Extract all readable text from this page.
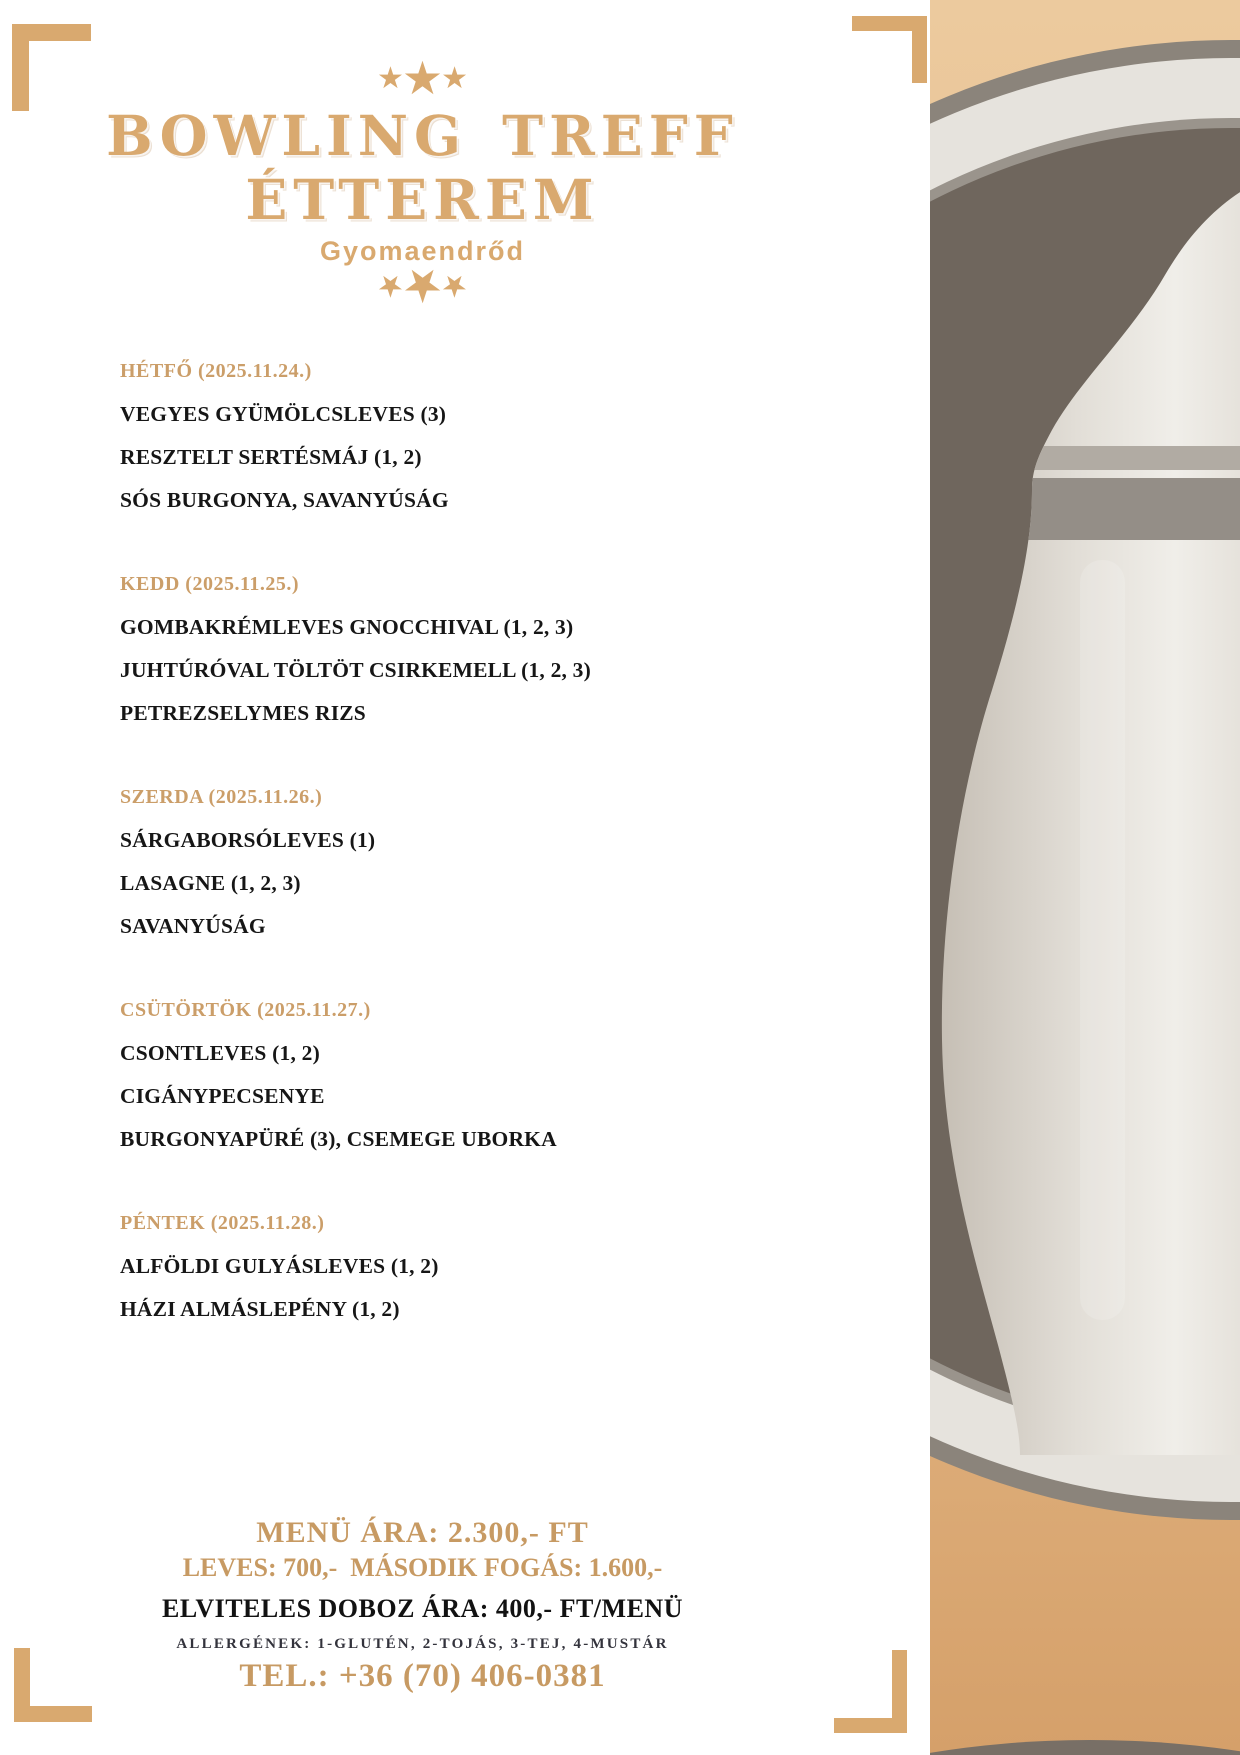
★★★
BOWLING TREFF
ÉTTEREM
Gyomaendrőd
★★★
HÉTFŐ (2025.11.24.)
VEGYES GYÜMÖLCSLEVES (3)
RESZTELT SERTÉSMÁJ (1, 2)
SÓS BURGONYA, SAVANYÚSÁG
KEDD (2025.11.25.)
GOMBAKRÉMLEVES GNOCCHIVAL (1, 2, 3)
JUHTÚRÓVAL TÖLTÖT CSIRKEMELL (1, 2, 3)
PETREZSELYMES RIZS
SZERDA (2025.11.26.)
SÁRGABORSÓLEVES (1)
LASAGNE (1, 2, 3)
SAVANYÚSÁG
CSÜTÖRTÖK (2025.11.27.)
CSONTLEVES (1, 2)
CIGÁNYPECSENYE
BURGONYAPÜRÉ (3), CSEMEGE UBORKA
PÉNTEK (2025.11.28.)
ALFÖLDI GULYÁSLEVES (1, 2)
HÁZI ALMÁSLEPÉNY (1, 2)
MENÜ ÁRA: 2.300,- FT
LEVES: 700,-  MÁSODIK FOGÁS: 1.600,-
ELVITELES DOBOZ ÁRA: 400,- FT/MENÜ
ALLERGÉNEK: 1-GLUTÉN, 2-TOJÁS, 3-TEJ, 4-MUSTÁR
TEL.: +36 (70) 406-0381
